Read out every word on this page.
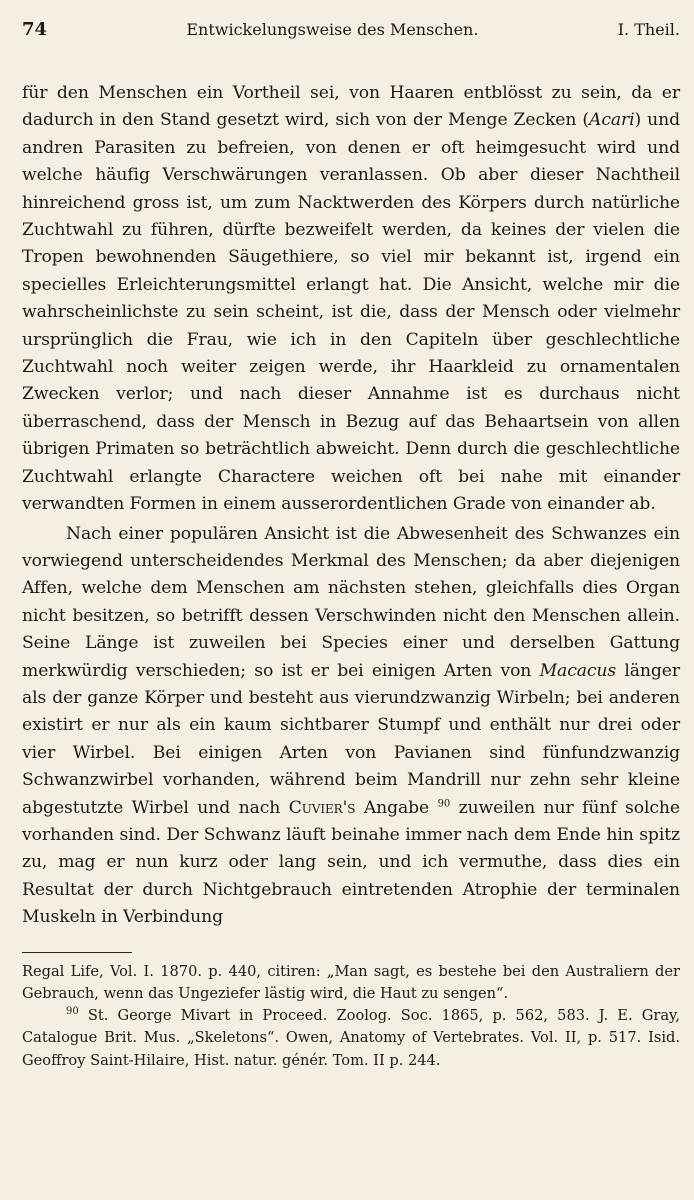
74	Entwickelungsweise des Menschen.	I. Theil.

für den Menschen ein Vortheil sei, von Haaren entblösst zu sein, da er dadurch in den Stand gesetzt wird, sich von der Menge Zecken (Acari) und andren Parasiten zu befreien, von denen er oft heimgesucht wird und welche häufig Verschwärungen veranlassen. Ob aber dieser Nachtheil hinreichend gross ist, um zum Nacktwerden des Körpers durch natürliche Zuchtwahl zu führen, dürfte bezweifelt werden, da keines der vielen die Tropen bewohnenden Säugethiere, so viel mir bekannt ist, irgend ein specielles Erleichterungsmittel erlangt hat. Die Ansicht, welche mir die wahrscheinlichste zu sein scheint, ist die, dass der Mensch oder vielmehr ursprünglich die Frau, wie ich in den Capiteln über geschlechtliche Zuchtwahl noch weiter zeigen werde, ihr Haarkleid zu ornamentalen Zwecken verlor; und nach dieser Annahme ist es durchaus nicht überraschend, dass der Mensch in Bezug auf das Behaartsein von allen übrigen Primaten so beträchtlich abweicht. Denn durch die geschlechtliche Zuchtwahl erlangte Charactere weichen oft bei nahe mit einander verwandten Formen in einem ausserordentlichen Grade von einander ab.

Nach einer populären Ansicht ist die Abwesenheit des Schwanzes ein vorwiegend unterscheidendes Merkmal des Menschen; da aber diejenigen Affen, welche dem Menschen am nächsten stehen, gleichfalls dies Organ nicht besitzen, so betrifft dessen Verschwinden nicht den Menschen allein. Seine Länge ist zuweilen bei Species einer und derselben Gattung merkwürdig verschieden; so ist er bei einigen Arten von Macacus länger als der ganze Körper und besteht aus vierundzwanzig Wirbeln; bei anderen existirt er nur als ein kaum sichtbarer Stumpf und enthält nur drei oder vier Wirbel. Bei einigen Arten von Pavianen sind fünfundzwanzig Schwanzwirbel vorhanden, während beim Mandrill nur zehn sehr kleine abgestutzte Wirbel und nach Cuvier's Angabe $^{90}$ zuweilen nur fünf solche vorhanden sind. Der Schwanz läuft beinahe immer nach dem Ende hin spitz zu, mag er nun kurz oder lang sein, und ich vermuthe, dass dies ein Resultat der durch Nichtgebrauch eintretenden Atrophie der terminalen Muskeln in Verbindung

Regal Life, Vol. I. 1870. p. 440, citiren: „Man sagt, es bestehe bei den Australiern der Gebrauch, wenn das Ungeziefer lästig wird, die Haut zu sengen“.

$^{90}$ St. George Mivart in Proceed. Zoolog. Soc. 1865, p. 562, 583. J. E. Gray, Catalogue Brit. Mus. „Skeletons“. Owen, Anatomy of Vertebrates. Vol. II, p. 517. Isid. Geoffroy Saint-Hilaire, Hist. natur. génér. Tom. II p. 244.
